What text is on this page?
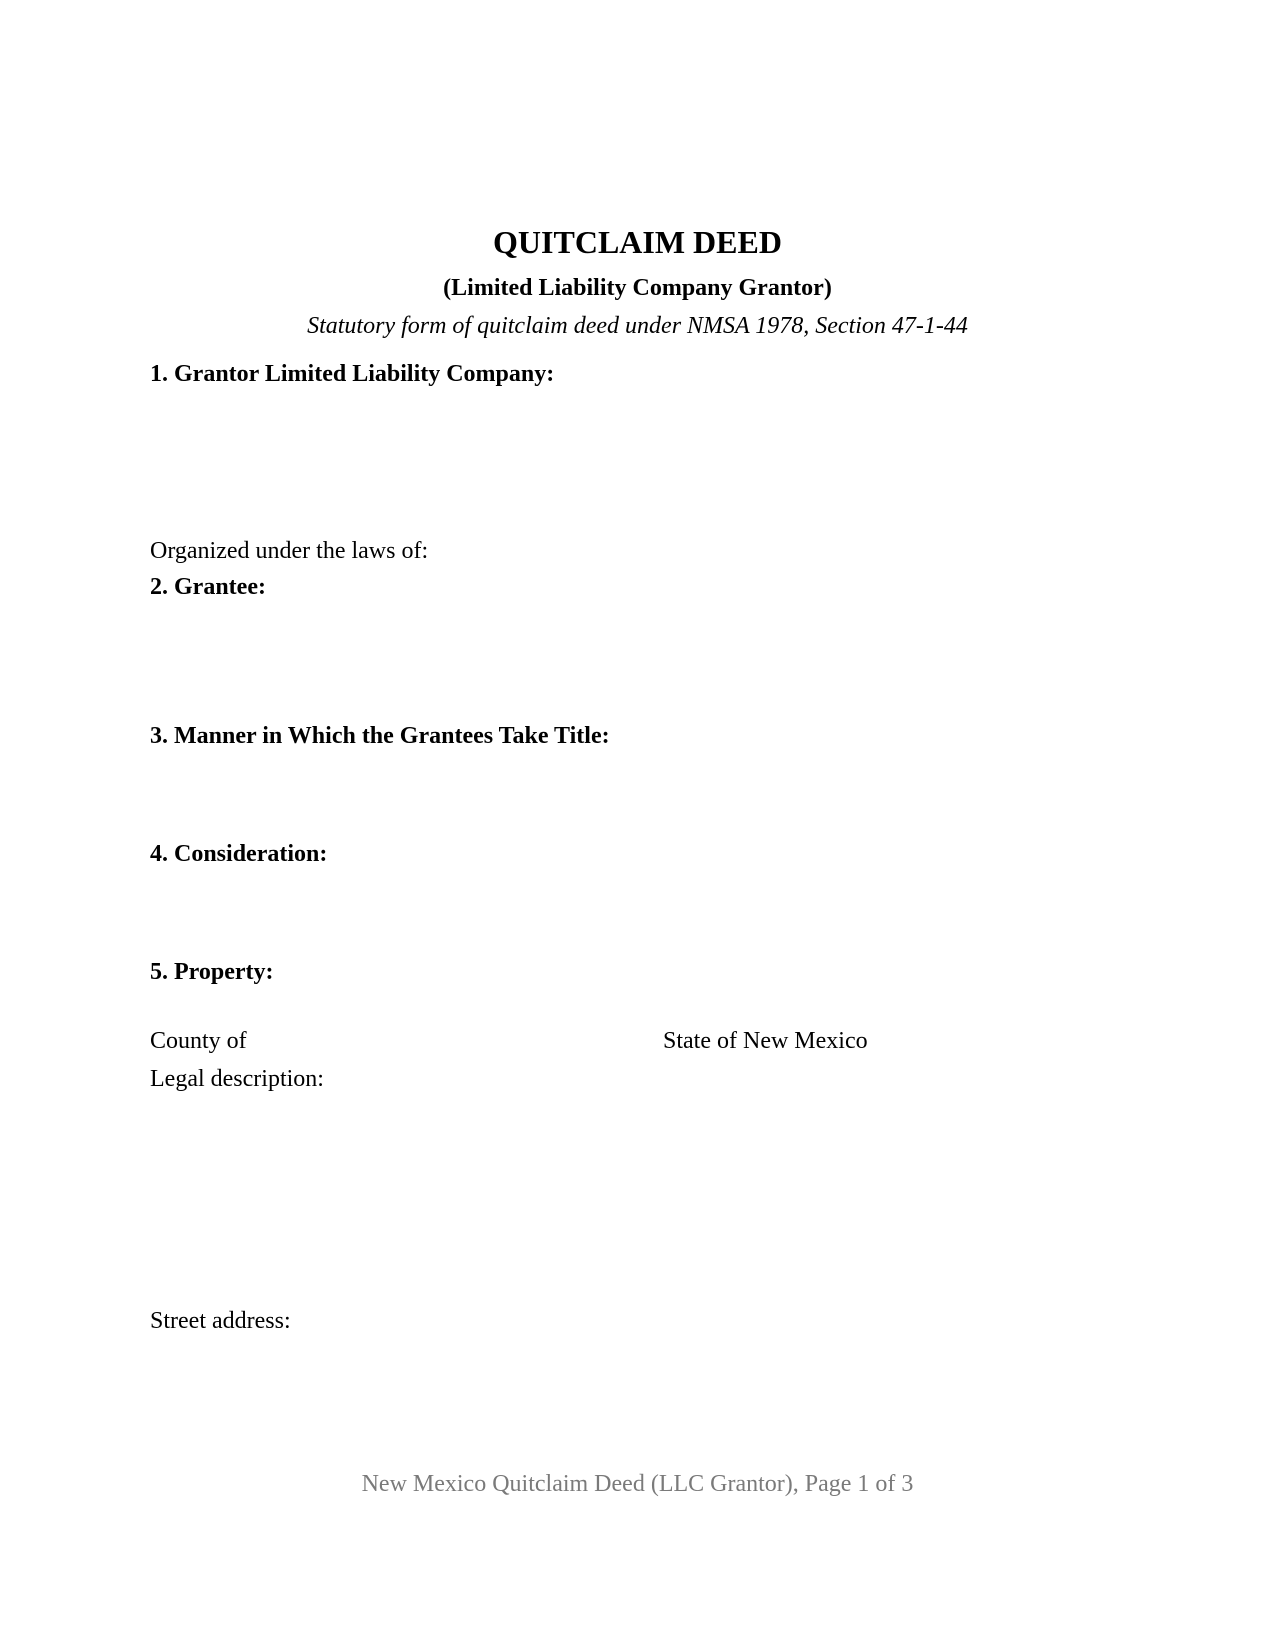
QUITCLAIM DEED
(Limited Liability Company Grantor)
Statutory form of quitclaim deed under NMSA 1978, Section 47-1-44
1. Grantor Limited Liability Company:
Organized under the laws of:
2. Grantee:
3. Manner in Which the Grantees Take Title:
4. Consideration:
5. Property:
County of	State of New Mexico
Legal description:
Street address:
New Mexico Quitclaim Deed (LLC Grantor), Page 1 of 3
